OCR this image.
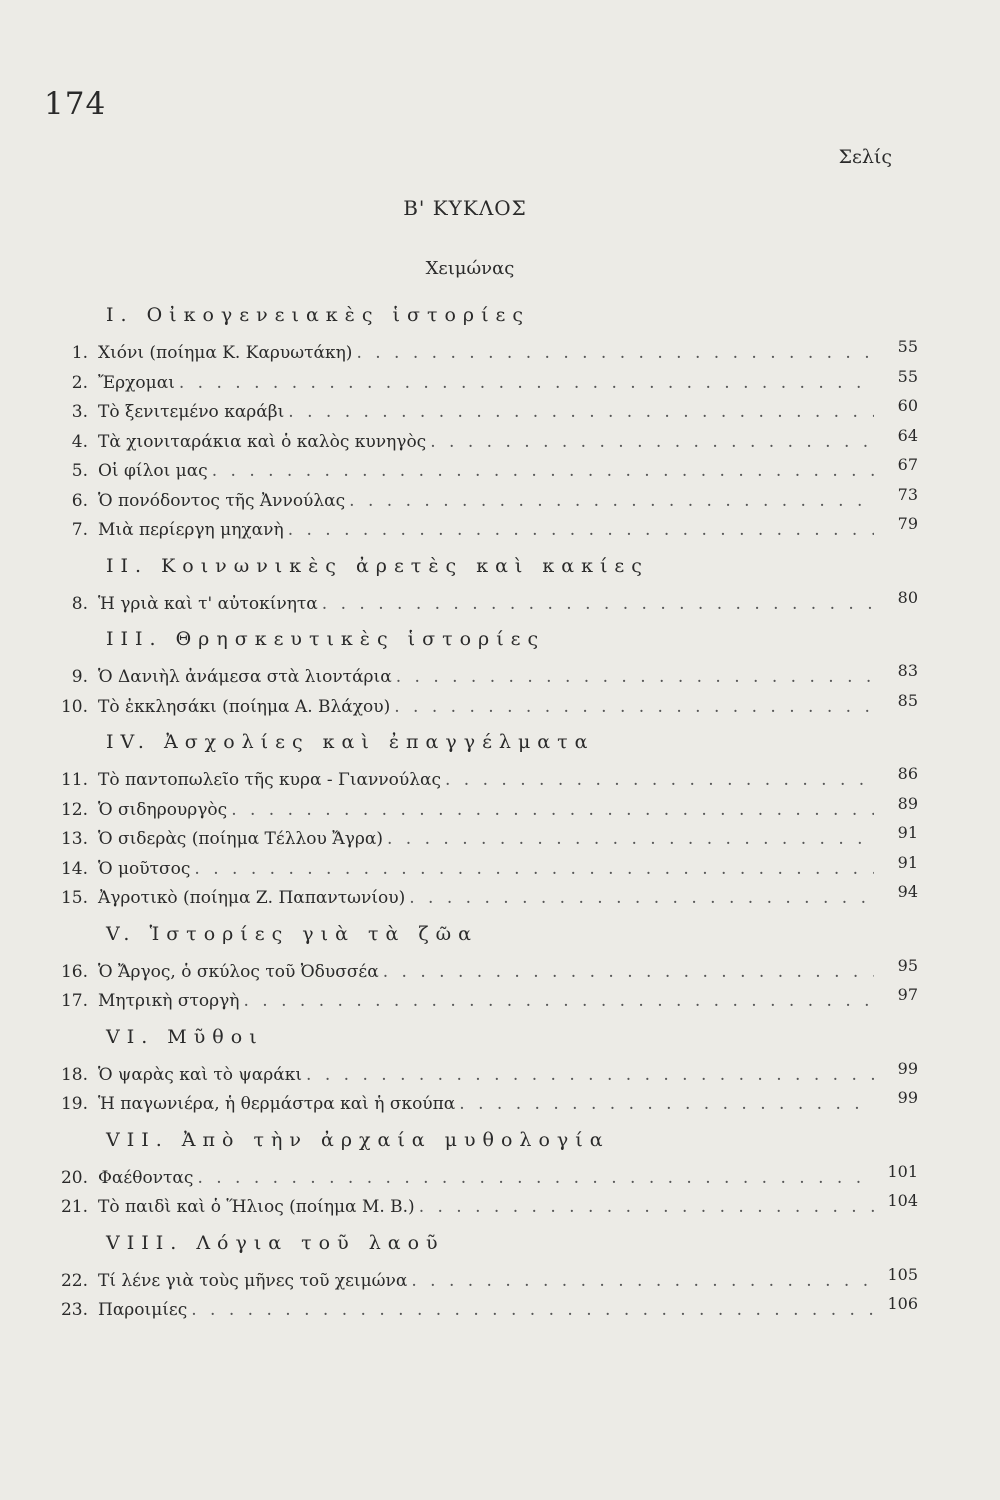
174
Σελίς
Β' ΚΥΚΛΟΣ
Χειμώνας
Ι. Οἰκογενειακὲς ἱστορίες
1. Χιόνι (ποίημα Κ. Καρυωτάκη) . . .	55
2. Ἔρχομαι . . .	55
3. Τὸ ξενιτεμένο καράβι . . .	60
4. Τὰ χιονιταράκια καὶ ὁ καλὸς κυνηγὸς . . .	64
5. Οἱ φίλοι μας . . .	67
6. Ὁ πονόδοντος τῆς Ἀννούλας . . .	73
7. Μιὰ περίεργη μηχανὴ . . .	79
ΙΙ. Κοινωνικὲς ἀρετὲς καὶ κακίες
8. Ἡ γριὰ καὶ τ' αὐτοκίνητα . . .	80
ΙΙΙ. Θρησκευτικὲς ἱστορίες
9. Ὁ Δανιὴλ ἀνάμεσα στὰ λιοντάρια . . .	83
10. Τὸ ἐκκλησάκι (ποίημα Α. Βλάχου) . . .	85
ΙV. Ἀσχολίες καὶ ἐπαγγέλματα
11. Τὸ παντοπωλεῖο τῆς κυρα - Γιαννούλας . . .	86
12. Ὁ σιδηρουργὸς . . .	89
13. Ὁ σιδερὰς (ποίημα Τέλλου Ἄγρα) . . .	91
14. Ὁ μοῦτσος . . .	91
15. Ἀγροτικὸ (ποίημα Ζ. Παπαντωνίου) . . .	94
V. Ἱστορίες γιὰ τὰ ζῶα
16. Ὁ Ἄργος, ὁ σκύλος τοῦ Ὀδυσσέα . . .	95
17. Μητρικὴ στοργὴ . . .	97
VI. Μῦθοι
18. Ὁ ψαρὰς καὶ τὸ ψαράκι . . .	99
19. Ἡ παγωνιέρα, ἡ θερμάστρα καὶ ἡ σκούπα . . .	99
VII. Ἀπὸ τὴν ἀρχαία μυθολογία
20. Φαέθοντας . . .	101
21. Τὸ παιδὶ καὶ ὁ Ἥλιος (ποίημα Μ. Β.) . . .	104
VIII. Λόγια τοῦ λαοῦ
22. Τί λένε γιὰ τοὺς μῆνες τοῦ χειμώνα . . .	105
23. Παροιμίες . . .	106
